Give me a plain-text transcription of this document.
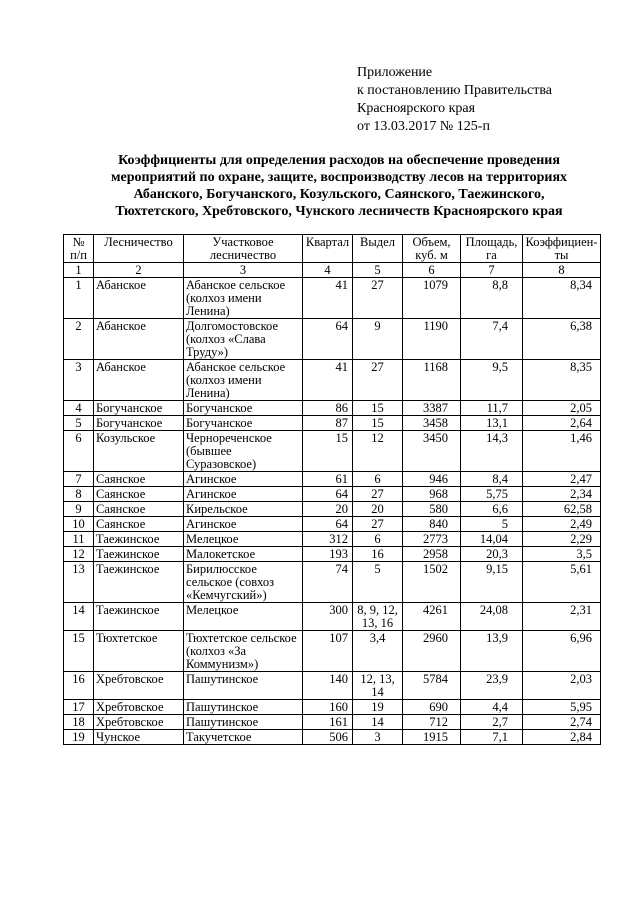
Приложение
к постановлению Правительства
Красноярского края
от 13.03.2017 № 125-п
Коэффициенты для определения расходов на обеспечение проведения
мероприятий по охране, защите, воспроизводству лесов на территориях
Абанского, Богучанского, Козульского, Саянского, Таежинского,
Тюхтетского, Хребтовского, Чунского лесничеств Красноярского края
№ п/п	Лесничество	Участковое лесничество	Квартал	Выдел	Объем, куб. м	Площадь, га	Коэффициен-ты
1	2	3	4	5	6	7	8
1	Абанское	Абанское сельское (колхоз имени Ленина)	41	27	1079	8,8	8,34
2	Абанское	Долгомостовское (колхоз «Слава Труду»)	64	9	1190	7,4	6,38
3	Абанское	Абанское сельское (колхоз имени Ленина)	41	27	1168	9,5	8,35
4	Богучанское	Богучанское	86	15	3387	11,7	2,05
5	Богучанское	Богучанское	87	15	3458	13,1	2,64
6	Козульское	Чернореченское (бывшее Суразовское)	15	12	3450	14,3	1,46
7	Саянское	Агинское	61	6	946	8,4	2,47
8	Саянское	Агинское	64	27	968	5,75	2,34
9	Саянское	Кирельское	20	20	580	6,6	62,58
10	Саянское	Агинское	64	27	840	5	2,49
11	Таежинское	Мелецкое	312	6	2773	14,04	2,29
12	Таежинское	Малокетское	193	16	2958	20,3	3,5
13	Таежинское	Бирилюсское сельское (совхоз «Кемчугский»)	74	5	1502	9,15	5,61
14	Таежинское	Мелецкое	300	8, 9, 12, 13, 16	4261	24,08	2,31
15	Тюхтетское	Тюхтетское сельское (колхоз «За Коммунизм»)	107	3,4	2960	13,9	6,96
16	Хребтовское	Пашутинское	140	12, 13, 14	5784	23,9	2,03
17	Хребтовское	Пашутинское	160	19	690	4,4	5,95
18	Хребтовское	Пашутинское	161	14	712	2,7	2,74
19	Чунское	Такучетское	506	3	1915	7,1	2,84
